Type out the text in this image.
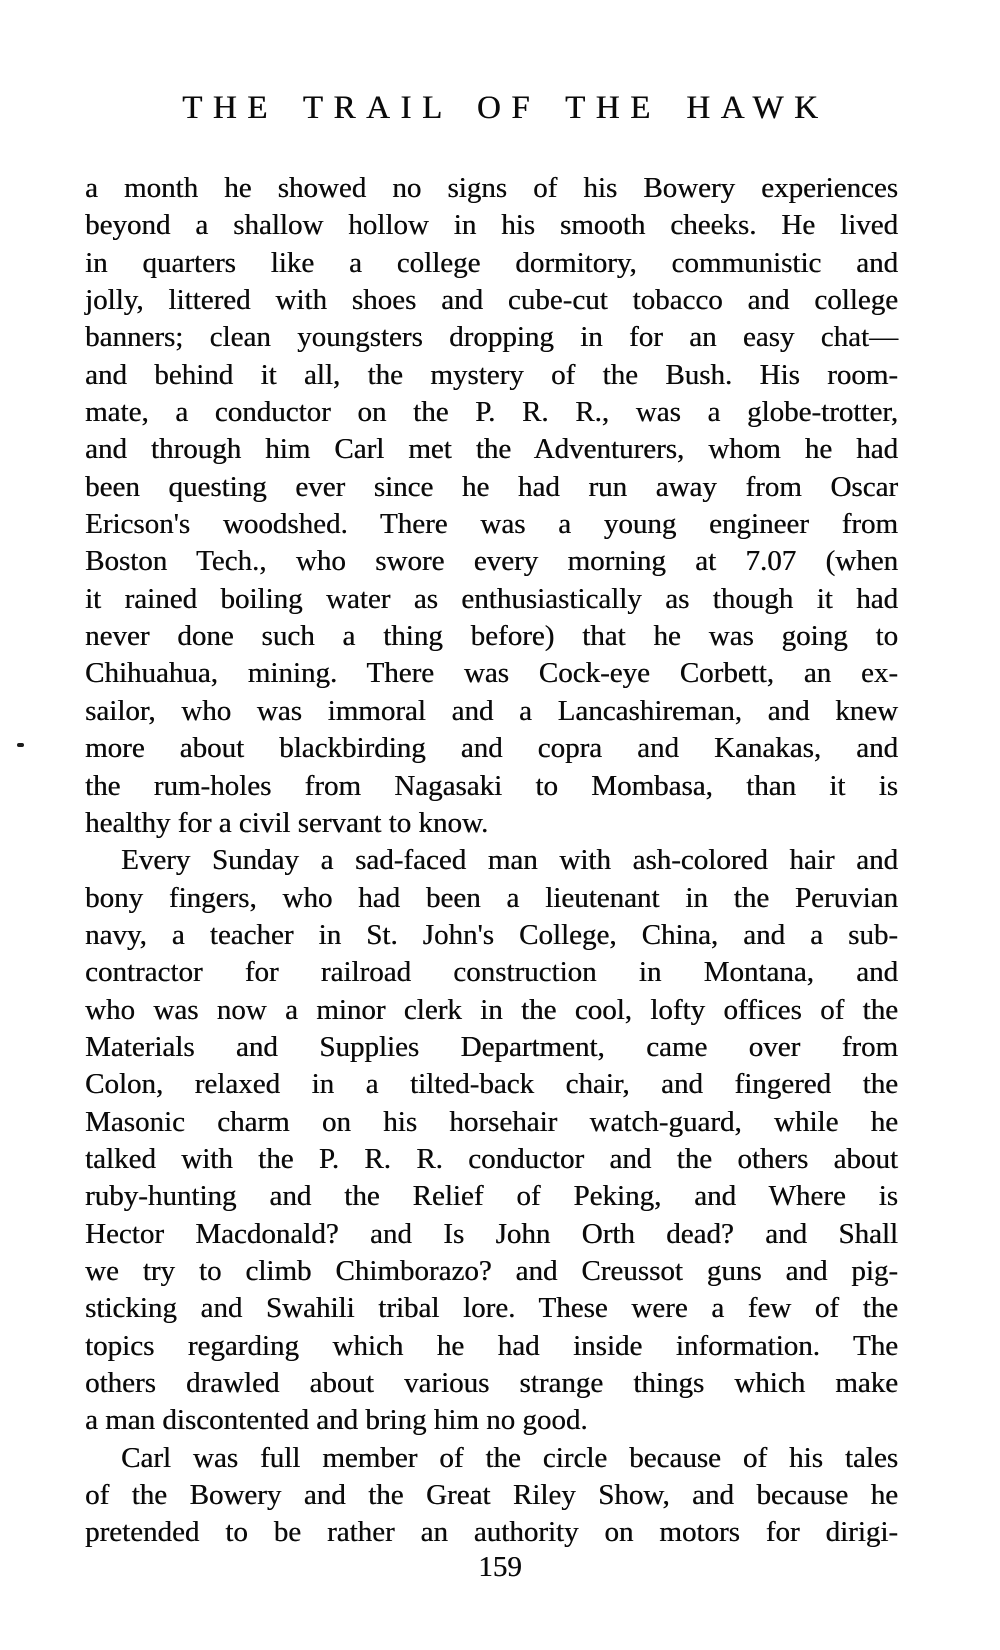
THE TRAIL OF THE HAWK
a month he showed no signs of his Bowery experiences
beyond a shallow hollow in his smooth cheeks. He lived
in quarters like a college dormitory, communistic and
jolly, littered with shoes and cube-cut tobacco and college
banners; clean youngsters dropping in for an easy chat—
and behind it all, the mystery of the Bush. His room-
mate, a conductor on the P. R. R., was a globe-trotter,
and through him Carl met the Adventurers, whom he had
been questing ever since he had run away from Oscar
Ericson's woodshed. There was a young engineer from
Boston Tech., who swore every morning at 7.07 (when
it rained boiling water as enthusiastically as though it had
never done such a thing before) that he was going to
Chihuahua, mining. There was Cock-eye Corbett, an ex-
sailor, who was immoral and a Lancashireman, and knew
more about blackbirding and copra and Kanakas, and
the rum-holes from Nagasaki to Mombasa, than it is
healthy for a civil servant to know.
Every Sunday a sad-faced man with ash-colored hair and
bony fingers, who had been a lieutenant in the Peruvian
navy, a teacher in St. John's College, China, and a sub-
contractor for railroad construction in Montana, and
who was now a minor clerk in the cool, lofty offices of the
Materials and Supplies Department, came over from
Colon, relaxed in a tilted-back chair, and fingered the
Masonic charm on his horsehair watch-guard, while he
talked with the P. R. R. conductor and the others about
ruby-hunting and the Relief of Peking, and Where is
Hector Macdonald? and Is John Orth dead? and Shall
we try to climb Chimborazo? and Creussot guns and pig-
sticking and Swahili tribal lore. These were a few of the
topics regarding which he had inside information. The
others drawled about various strange things which make
a man discontented and bring him no good.
Carl was full member of the circle because of his tales
of the Bowery and the Great Riley Show, and because he
pretended to be rather an authority on motors for dirigi-
159
